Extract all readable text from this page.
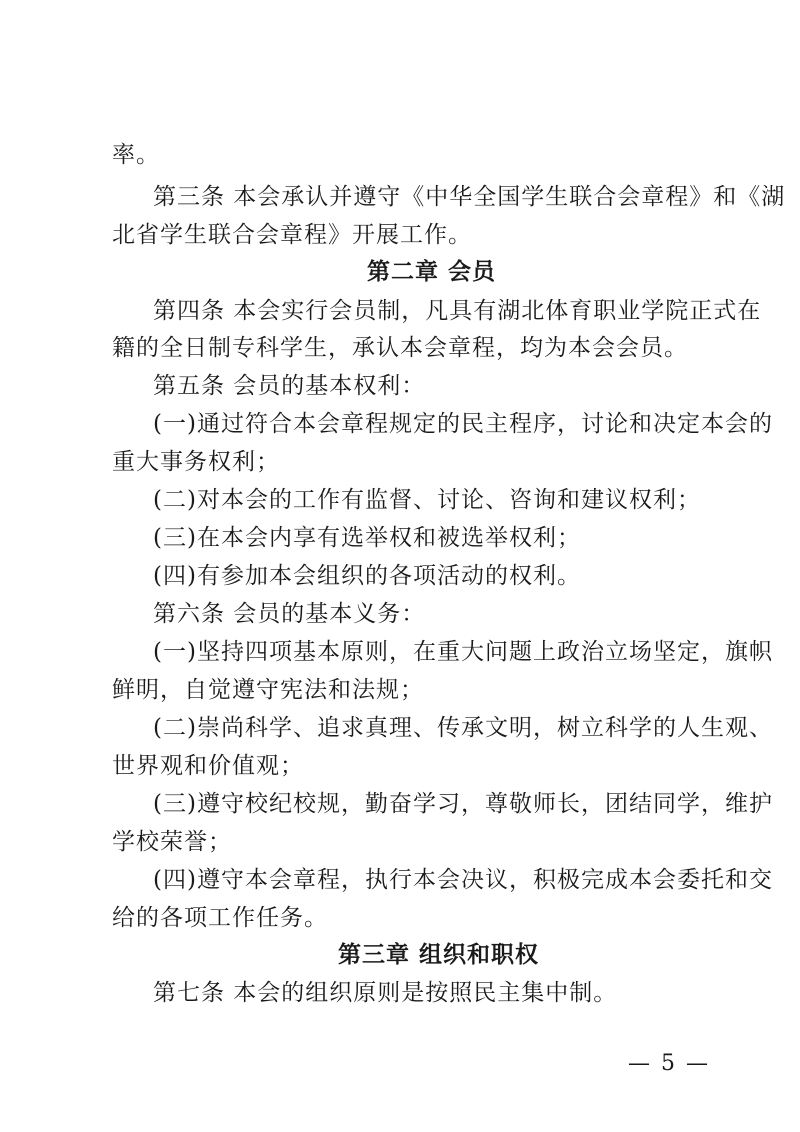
率。
第三条 本会承认并遵守《中华全国学生联合会章程》和《湖
北省学生联合会章程》开展工作。
第二章 会员
第四条 本会实行会员制，凡具有湖北体育职业学院正式在
籍的全日制专科学生，承认本会章程，均为本会会员。
第五条 会员的基本权利：
(一)通过符合本会章程规定的民主程序，讨论和决定本会的
重大事务权利；
(二)对本会的工作有监督、讨论、咨询和建议权利；
(三)在本会内享有选举权和被选举权利；
(四)有参加本会组织的各项活动的权利。
第六条 会员的基本义务：
(一)坚持四项基本原则，在重大问题上政治立场坚定，旗帜
鲜明，自觉遵守宪法和法规；
(二)崇尚科学、追求真理、传承文明，树立科学的人生观、
世界观和价值观；
(三)遵守校纪校规，勤奋学习，尊敬师长，团结同学，维护
学校荣誉；
(四)遵守本会章程，执行本会决议，积极完成本会委托和交
给的各项工作任务。
第三章 组织和职权
第七条 本会的组织原则是按照民主集中制。
— 5 —
